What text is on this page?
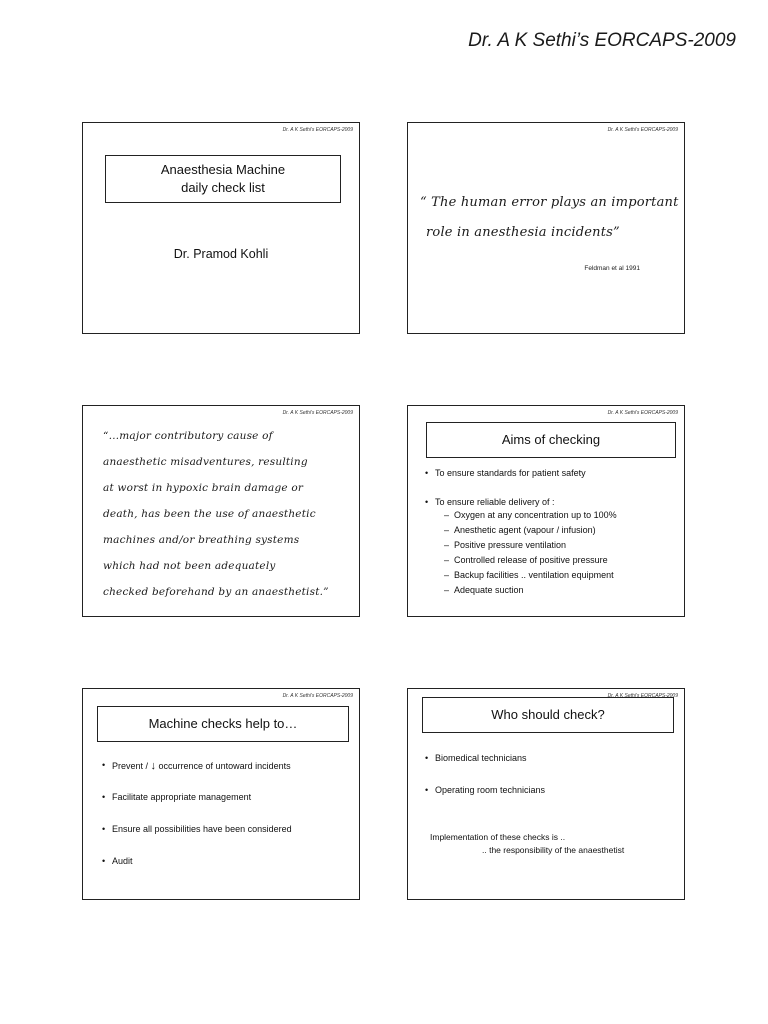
Dr. A K Sethi’s EORCAPS-2009
Dr. A K Sethi's EORCAPS-2009
Anaesthesia Machine
daily check list
Dr. Pramod Kohli
Dr. A K Sethi's EORCAPS-2009
“ The human error plays an important
role in anesthesia incidents”
Feldman et al 1991
Dr. A K Sethi's EORCAPS-2009
“…major contributory cause of
anaesthetic misadventures, resulting
at worst in hypoxic brain damage or
death, has been the use of anaesthetic
machines and/or breathing systems
which had not been adequately
checked beforehand by an anaesthetist.”
Dr. A K Sethi's EORCAPS-2009
Aims of checking
• To ensure standards for patient safety
• To ensure reliable delivery of :
– Oxygen at any concentration up to 100%
– Anesthetic agent (vapour / infusion)
– Positive pressure ventilation
– Controlled release of positive pressure
– Backup facilities .. ventilation equipment
– Adequate suction
Dr. A K Sethi's EORCAPS-2009
Machine checks help to…
• Prevent / ↓ occurrence of untoward incidents
• Facilitate appropriate management
• Ensure all possibilities have been considered
• Audit
Dr. A K Sethi's EORCAPS-2009
Who should check?
• Biomedical technicians
• Operating room technicians
Implementation of these checks is ..
.. the responsibility of the anaesthetist
